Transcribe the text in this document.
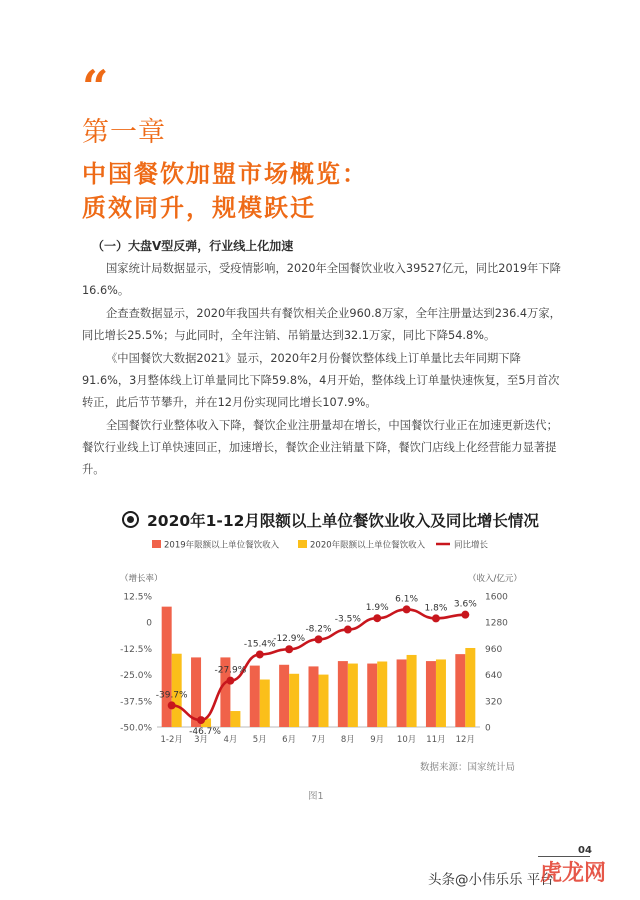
“
第一章
中国餐饮加盟市场概览：
质效同升，规模跃迁
（一）大盘V型反弹，行业线上化加速

国家统计局数据显示，受疫情影响，2020年全国餐饮业收入39527亿元，同比2019年下降16.6%。

企查查数据显示，2020年我国共有餐饮相关企业960.8万家，全年注册量达到236.4万家，同比增长25.5%；与此同时，全年注销、吊销量达到32.1万家，同比下降54.8%。

《中国餐饮大数据2021》显示，2020年2月份餐饮整体线上订单量比去年同期下降91.6%，3月整体线上订单量同比下降59.8%，4月开始，整体线上订单量快速恢复，至5月首次转正，此后节节攀升，并在12月份实现同比增长107.9%。

全国餐饮行业整体收入下降，餐饮企业注册量却在增长，中国餐饮行业正在加速更新迭代；餐饮行业线上订单快速回正，加速增长，餐饮企业注销量下降，餐饮门店线上化经营能力显著提升。

2020年1-12月限额以上单位餐饮业收入及同比增长情况
2019年限额以上单位餐饮收入	2020年限额以上单位餐饮收入	同比增长
（增长率）	（收入/亿元）
12.5%
0
-12.5%
-25.0%
-37.5%
-50.0%
1600
1280
960
640
320
0
1-2月 3月 4月 5月 6月 7月 8月 9月 10月 11月 12月
-39.7%
-46.7%
-27.9%
-15.4%
-12.9%
-8.2%
-3.5%
1.9%
6.1%
1.8% 3.6%
数据来源：国家统计局
图1
04
头条@小伟乐乐 平台
虎龙网
